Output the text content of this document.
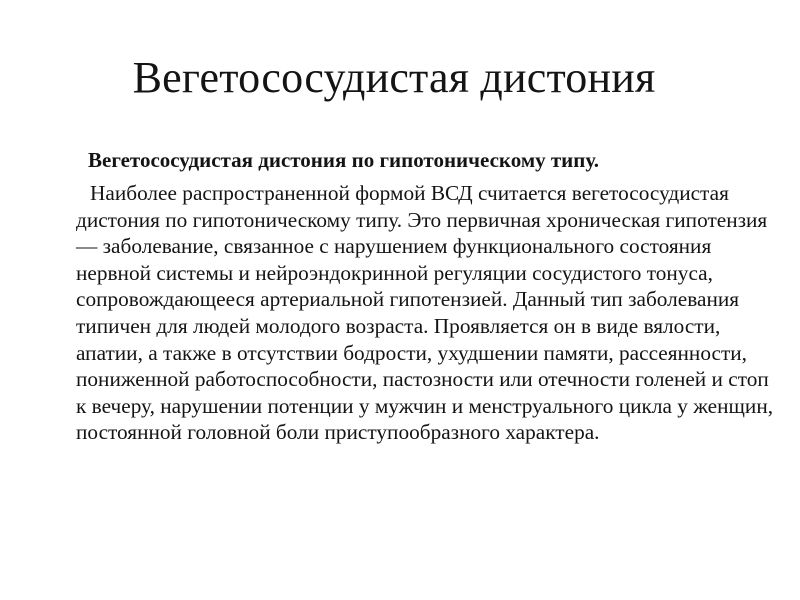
Вегетососудистая дистония

Вегетососудистая дистония по гипотоническому типу.

Наиболее распространенной формой ВСД считается вегетососудистая дистония по гипотоническому типу. Это первичная хроническая гипотензия — заболевание, связанное с нарушением функционального состояния нервной системы и нейроэндокринной регуляции сосудистого тонуса, сопровождающееся артериальной гипотензией. Данный тип заболевания типичен для людей молодого возраста. Проявляется он в виде вялости, апатии, а также в отсутствии бодрости, ухудшении памяти, рассеянности, пониженной работоспособности, пастозности или отечности голеней и стоп к вечеру, нарушении потенции у мужчин и менструального цикла у женщин, постоянной головной боли приступообразного характера.
